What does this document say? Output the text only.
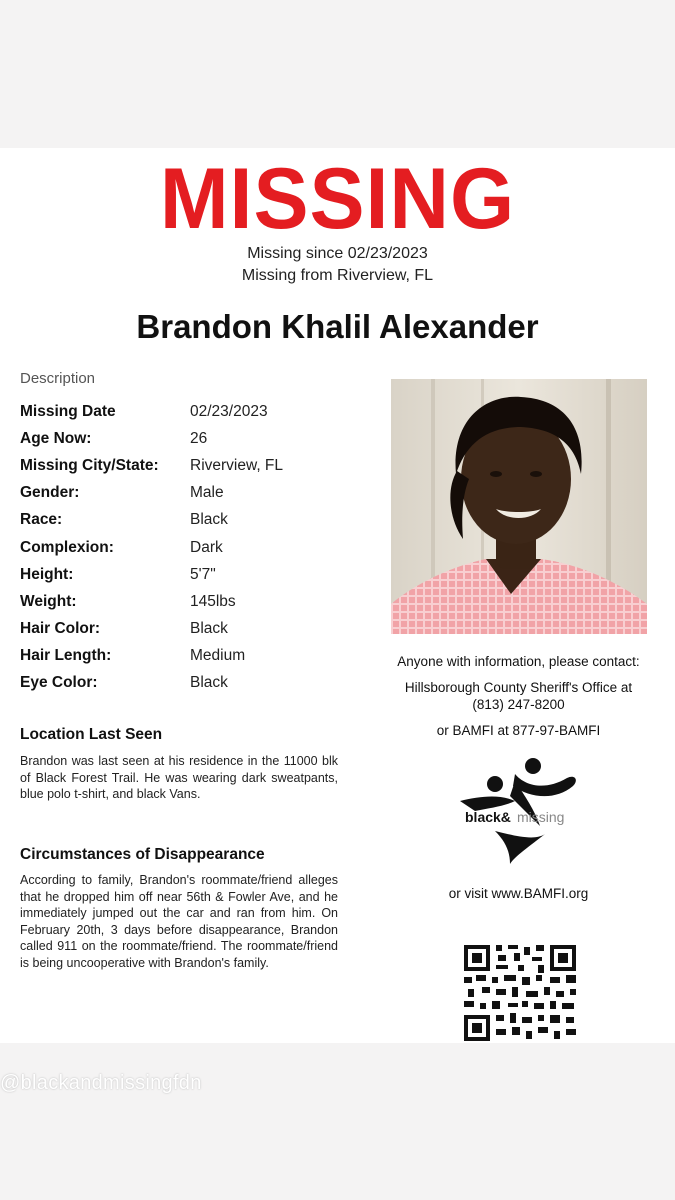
MISSING
Missing since 02/23/2023
Missing from Riverview, FL
Brandon Khalil Alexander
Description
Missing Date	02/23/2023
Age Now:	26
Missing City/State:	Riverview, FL
Gender:	Male
Race:	Black
Complexion:	Dark
Height:	5'7"
Weight:	145lbs
Hair Color:	Black
Hair Length:	Medium
Eye Color:	Black
Location Last Seen
Brandon was last seen at his residence in the 11000 blk of Black Forest Trail. He was wearing dark sweatpants, blue polo t-shirt, and black Vans.
Circumstances of Disappearance
According to family, Brandon's roommate/friend alleges that he dropped him off near 56th & Fowler Ave, and he immediately jumped out the car and ran from him. On February 20th, 3 days before disappearance, Brandon called 911 on the roommate/friend. The roommate/friend is being uncooperative with Brandon's family.
Anyone with information, please contact:
Hillsborough County Sheriff's Office at
(813) 247-8200
or BAMFI at 877-97-BAMFI
black& missing
or visit www.BAMFI.org
@blackandmissingfdn
